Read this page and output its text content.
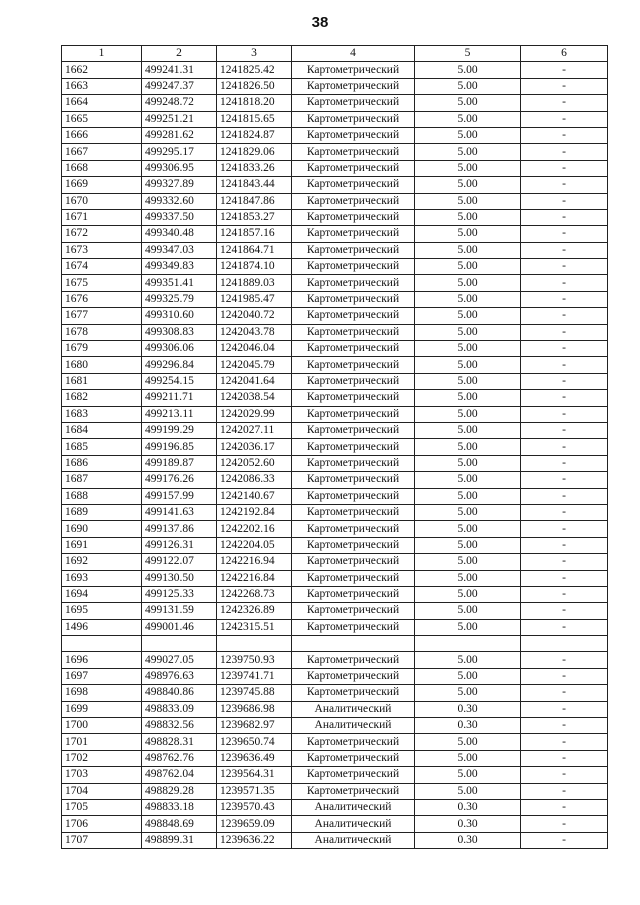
38
1	2	3	4	5	6
1662	499241.31	1241825.42	Картометрический	5.00	-
1663	499247.37	1241826.50	Картометрический	5.00	-
1664	499248.72	1241818.20	Картометрический	5.00	-
1665	499251.21	1241815.65	Картометрический	5.00	-
1666	499281.62	1241824.87	Картометрический	5.00	-
1667	499295.17	1241829.06	Картометрический	5.00	-
1668	499306.95	1241833.26	Картометрический	5.00	-
1669	499327.89	1241843.44	Картометрический	5.00	-
1670	499332.60	1241847.86	Картометрический	5.00	-
1671	499337.50	1241853.27	Картометрический	5.00	-
1672	499340.48	1241857.16	Картометрический	5.00	-
1673	499347.03	1241864.71	Картометрический	5.00	-
1674	499349.83	1241874.10	Картометрический	5.00	-
1675	499351.41	1241889.03	Картометрический	5.00	-
1676	499325.79	1241985.47	Картометрический	5.00	-
1677	499310.60	1242040.72	Картометрический	5.00	-
1678	499308.83	1242043.78	Картометрический	5.00	-
1679	499306.06	1242046.04	Картометрический	5.00	-
1680	499296.84	1242045.79	Картометрический	5.00	-
1681	499254.15	1242041.64	Картометрический	5.00	-
1682	499211.71	1242038.54	Картометрический	5.00	-
1683	499213.11	1242029.99	Картометрический	5.00	-
1684	499199.29	1242027.11	Картометрический	5.00	-
1685	499196.85	1242036.17	Картометрический	5.00	-
1686	499189.87	1242052.60	Картометрический	5.00	-
1687	499176.26	1242086.33	Картометрический	5.00	-
1688	499157.99	1242140.67	Картометрический	5.00	-
1689	499141.63	1242192.84	Картометрический	5.00	-
1690	499137.86	1242202.16	Картометрический	5.00	-
1691	499126.31	1242204.05	Картометрический	5.00	-
1692	499122.07	1242216.94	Картометрический	5.00	-
1693	499130.50	1242216.84	Картометрический	5.00	-
1694	499125.33	1242268.73	Картометрический	5.00	-
1695	499131.59	1242326.89	Картометрический	5.00	-
1496	499001.46	1242315.51	Картометрический	5.00	-

1696	499027.05	1239750.93	Картометрический	5.00	-
1697	498976.63	1239741.71	Картометрический	5.00	-
1698	498840.86	1239745.88	Картометрический	5.00	-
1699	498833.09	1239686.98	Аналитический	0.30	-
1700	498832.56	1239682.97	Аналитический	0.30	-
1701	498828.31	1239650.74	Картометрический	5.00	-
1702	498762.76	1239636.49	Картометрический	5.00	-
1703	498762.04	1239564.31	Картометрический	5.00	-
1704	498829.28	1239571.35	Картометрический	5.00	-
1705	498833.18	1239570.43	Аналитический	0.30	-
1706	498848.69	1239659.09	Аналитический	0.30	-
1707	498899.31	1239636.22	Аналитический	0.30	-
